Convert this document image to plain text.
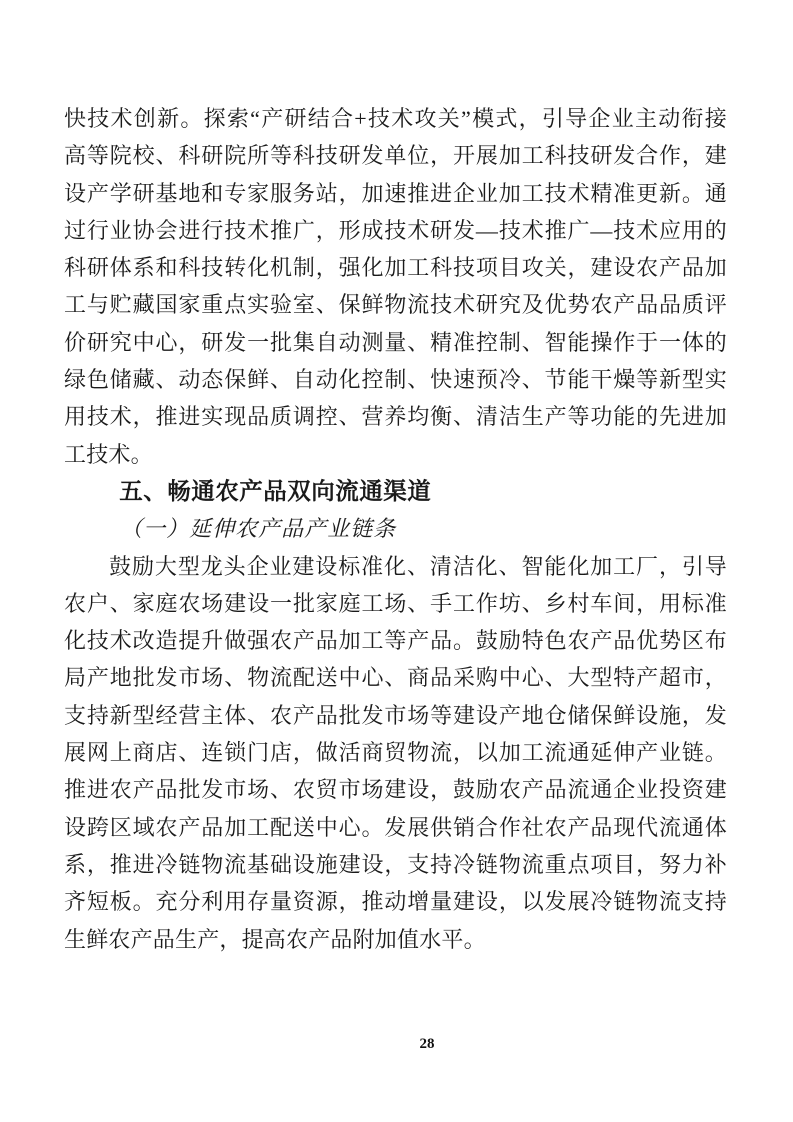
快技术创新。探索“产研结合+技术攻关”模式，引导企业主动衔接
高等院校、科研院所等科技研发单位，开展加工科技研发合作，建
设产学研基地和专家服务站，加速推进企业加工技术精准更新。通
过行业协会进行技术推广，形成技术研发—技术推广—技术应用的
科研体系和科技转化机制，强化加工科技项目攻关，建设农产品加
工与贮藏国家重点实验室、保鲜物流技术研究及优势农产品品质评
价研究中心，研发一批集自动测量、精准控制、智能操作于一体的
绿色储藏、动态保鲜、自动化控制、快速预冷、节能干燥等新型实
用技术，推进实现品质调控、营养均衡、清洁生产等功能的先进加
工技术。
五、畅通农产品双向流通渠道
（一）延伸农产品产业链条
鼓励大型龙头企业建设标准化、清洁化、智能化加工厂，引导
农户、家庭农场建设一批家庭工场、手工作坊、乡村车间，用标准
化技术改造提升做强农产品加工等产品。鼓励特色农产品优势区布
局产地批发市场、物流配送中心、商品采购中心、大型特产超市，
支持新型经营主体、农产品批发市场等建设产地仓储保鲜设施，发
展网上商店、连锁门店，做活商贸物流，以加工流通延伸产业链。
推进农产品批发市场、农贸市场建设，鼓励农产品流通企业投资建
设跨区域农产品加工配送中心。发展供销合作社农产品现代流通体
系，推进冷链物流基础设施建设，支持冷链物流重点项目，努力补
齐短板。充分利用存量资源，推动增量建设，以发展冷链物流支持
生鲜农产品生产，提高农产品附加值水平。
28
